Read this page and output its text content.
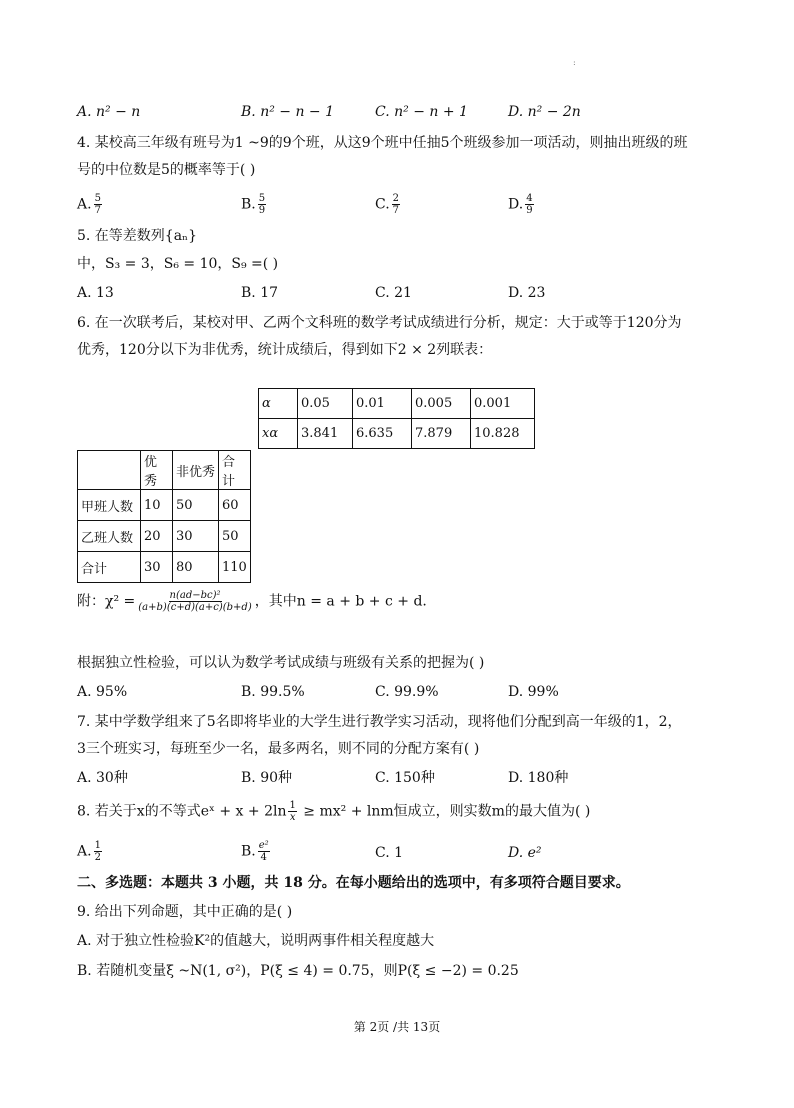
:
A. n² − n	B. n² − n − 1	C. n² − n + 1	D. n² − 2n
4. 某校高三年级有班号为1 ~9的9个班，从这9个班中任抽5个班级参加一项活动，则抽出班级的班
号的中位数是5的概率等于( )
A. $\frac{5}{7}$	B. $\frac{5}{9}$	C. $\frac{2}{7}$	D. $\frac{4}{9}$
5. 在等差数列{aₙ}
中，S₃ = 3，S₆ = 10，S₉ =( )
A. 13	B. 17	C. 21	D. 23
6. 在一次联考后，某校对甲、乙两个文科班的数学考试成绩进行分析，规定：大于或等于120分为
优秀，120分以下为非优秀，统计成绩后，得到如下2 × 2列联表：
α	0.05	0.01	0.005	0.001
xα	3.841	6.635	7.879	10.828
	优秀	非优秀	合计
甲班人数	10	50	60
乙班人数	20	30	50
合计	30	80	110
附：$\chi^2 = \frac{\text{n(ad−bc)²}}{(a+b)(c+d)(a+c)(b+d)}$ ，其中n = a + b + c + d.
根据独立性检验，可以认为数学考试成绩与班级有关系的把握为( )
A. 95%	B. 99.5%	C. 99.9%	D. 99%
7. 某中学数学组来了5名即将毕业的大学生进行教学实习活动，现将他们分配到高一年级的1，2，
3三个班实习，每班至少一名，最多两名，则不同的分配方案有( )
A. 30种	B. 90种	C. 150种	D. 180种
8. 若关于x的不等式eˣ + $x + 2\ln \frac{1}{x} \ge mx^2 + \ln m$恒成立，则实数m的最大值为( )
A. $\frac{1}{2}$	B. $\frac{\text{e²}}{4}$	C. 1	D. e²
二、多选题：本题共 3 小题，共 18 分。在每小题给出的选项中，有多项符合题目要求。
9. 给出下列命题，其中正确的是( )
A. 对于独立性检验K²的值越大，说明两事件相关程度越大
B. 若随机变量ξ ~N(1, σ²)，P(ξ ≤ 4) = 0.75，则P(ξ ≤ −2) = 0.25
第 2页 /共 13页
